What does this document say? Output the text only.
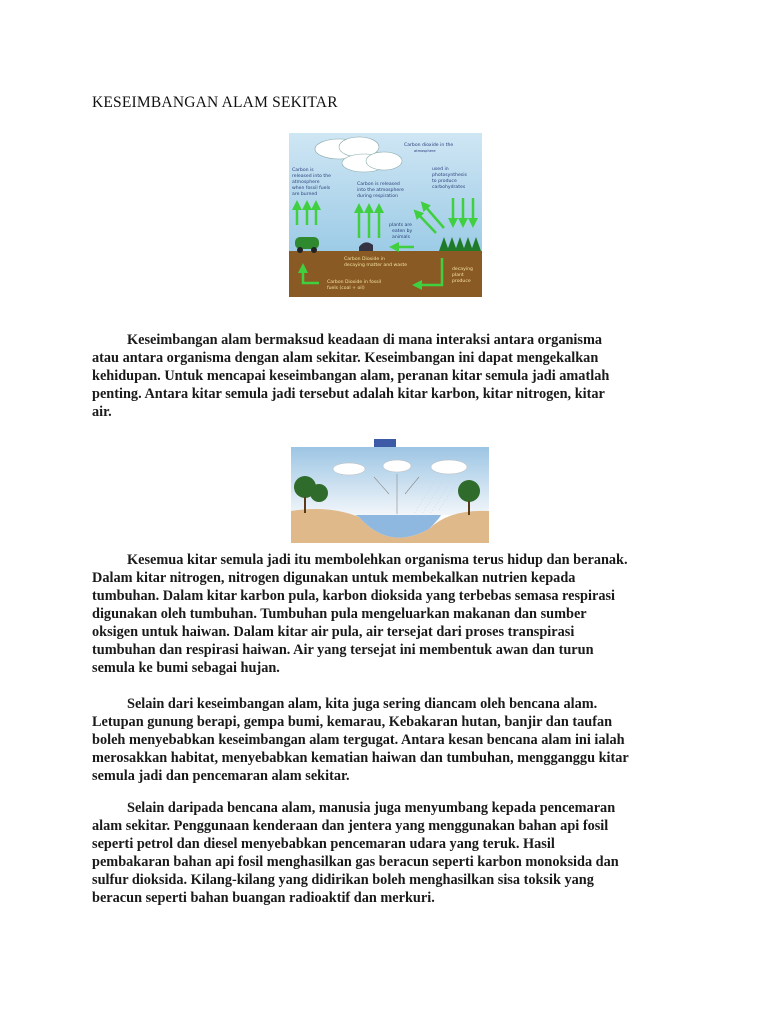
KESEIMBANGAN ALAM SEKITAR
Carbon dioxide in the
atmosphere
Carbon is
released into the
atmosphere
when fossil fuels
are burned
Carbon is released
into the atmosphere
during respiration
used in
photosynthesis
to produce
carbohydrates
plants are
eaten by
animals
Carbon Dioxide in
decaying matter and waste
Carbon Dioxide in fossil
fuels (coal + oil)
decaying
plant
produce
Keseimbangan alam bermaksud keadaan di mana interaksi antara organisma
atau antara organisma dengan alam sekitar. Keseimbangan ini dapat mengekalkan
kehidupan. Untuk mencapai keseimbangan alam, peranan kitar semula jadi amatlah
penting. Antara kitar semula jadi tersebut adalah kitar karbon, kitar nitrogen, kitar
air.
Kesemua kitar semula jadi itu membolehkan organisma terus hidup dan beranak.
Dalam kitar nitrogen, nitrogen digunakan untuk membekalkan nutrien kepada
tumbuhan. Dalam kitar karbon pula, karbon dioksida yang terbebas semasa respirasi
digunakan oleh tumbuhan. Tumbuhan pula mengeluarkan makanan dan sumber
oksigen untuk haiwan. Dalam kitar air pula, air tersejat dari proses transpirasi
tumbuhan dan respirasi haiwan. Air yang tersejat ini membentuk awan dan turun
semula ke bumi sebagai hujan.
Selain dari keseimbangan alam, kita juga sering diancam oleh bencana alam.
Letupan gunung berapi, gempa bumi, kemarau, Kebakaran hutan, banjir dan taufan
boleh menyebabkan keseimbangan alam tergugat. Antara kesan bencana alam ini ialah
merosakkan habitat, menyebabkan kematian haiwan dan tumbuhan, mengganggu kitar
semula jadi dan pencemaran alam sekitar.
Selain daripada bencana alam, manusia juga menyumbang kepada pencemaran
alam sekitar. Penggunaan kenderaan dan jentera yang menggunakan bahan api fosil
seperti petrol dan diesel menyebabkan pencemaran udara yang teruk. Hasil
pembakaran bahan api fosil menghasilkan gas beracun seperti karbon monoksida dan
sulfur dioksida. Kilang-kilang yang didirikan boleh menghasilkan sisa toksik yang
beracun seperti bahan buangan radioaktif dan merkuri.
